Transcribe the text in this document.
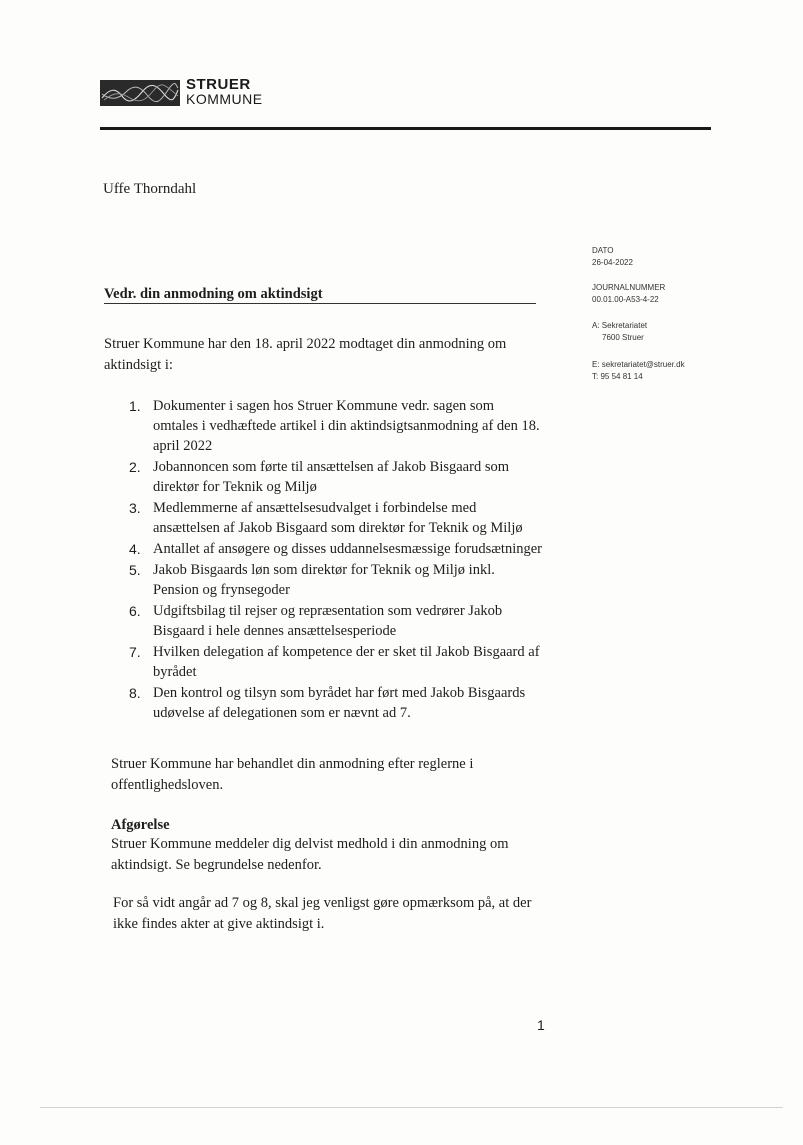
STRUER
KOMMUNE
Uffe Thorndahl
DATO
26-04-2022
JOURNALNUMMER
00.01.00-A53-4-22
A: Sekretariatet
7600 Struer
E: sekretariatet@struer.dk
T: 95 54 81 14
Vedr. din anmodning om aktindsigt
Struer Kommune har den 18. april 2022 modtaget din anmodning om aktindsigt i:
1. Dokumenter i sagen hos Struer Kommune vedr. sagen som omtales i vedhæftede artikel i din aktindsigtsanmodning af den 18. april 2022
2. Jobannoncen som førte til ansættelsen af Jakob Bisgaard som direktør for Teknik og Miljø
3. Medlemmerne af ansættelsesudvalget i forbindelse med ansættelsen af Jakob Bisgaard som direktør for Teknik og Miljø
4. Antallet af ansøgere og disses uddannelsesmæssige forudsætninger
5. Jakob Bisgaards løn som direktør for Teknik og Miljø inkl. Pension og frynsegoder
6. Udgiftsbilag til rejser og repræsentation som vedrører Jakob Bisgaard i hele dennes ansættelsesperiode
7. Hvilken delegation af kompetence der er sket til Jakob Bisgaard af byrådet
8. Den kontrol og tilsyn som byrådet har ført med Jakob Bisgaards udøvelse af delegationen som er nævnt ad 7.
Struer Kommune har behandlet din anmodning efter reglerne i offentlighedsloven.
Afgørelse
Struer Kommune meddeler dig delvist medhold i din anmodning om aktindsigt. Se begrundelse nedenfor.
For så vidt angår ad 7 og 8, skal jeg venligst gøre opmærksom på, at der ikke findes akter at give aktindsigt i.
1
